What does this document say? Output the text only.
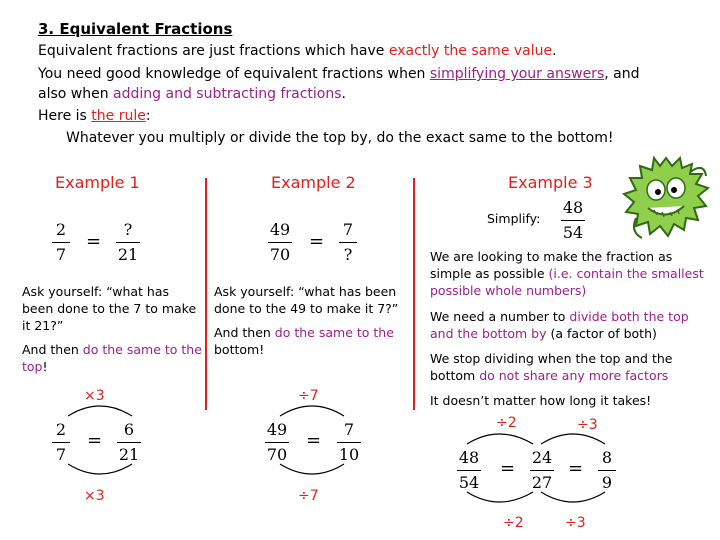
3. Equivalent Fractions
Equivalent fractions are just fractions which have exactly the same value.
You need good knowledge of equivalent fractions when simplifying your answers, and
also when adding and subtracting fractions.
Here is the rule:
Whatever you multiply or divide the top by, do the exact same to the bottom!
Example 1
2
7
=
?
21
Ask yourself: “what has been done to the 7 to make it 21?”
And then do the same to the top!
×3
2
7
=
6
21
×3
Example 2
49
70
=
7
?
Ask yourself: “what has been done to the 49 to make it 7?”
And then do the same to the bottom!
÷7
49
70
=
7
10
÷7
Example 3
Simplify:
48
54
We are looking to make the fraction as simple as possible (i.e. contain the smallest possible whole numbers)
We need a number to divide both the top and the bottom by (a factor of both)
We stop dividing when the top and the bottom do not share any more factors
It doesn’t matter how long it takes!
÷2	÷3
48
54
=
24
27
=
8
9
÷2	÷3
